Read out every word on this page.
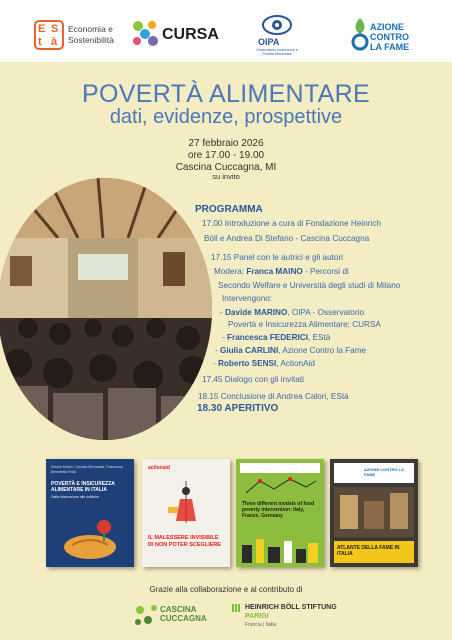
E S
t à
Economia e
Sostenibilità	CURSA	OIPA
Osservatorio Insicurezza e Povertà Alimentare
AZIONE
CONTRO
LA FAME
POVERTÀ ALIMENTARE
dati, evidenze, prospettive
27 febbraio 2026
ore 17.00 - 19.00
Cascina Cuccagna, MI
su invito
PROGRAMMA
17.00 Introduzione a cura di Fondazione Heinrich
Böll e Andrea Di Stefano - Cascina Cuccagna
17.15 Panel con le autrici e gli autori
Modera: Franca MAINO - Percorsi di
Secondo Welfare e Università degli studi di Milano
Intervengono:
- Davide MARINO, OIPA - Osservatorio
Povertà e Insicurezza Alimentare; CURSA
- Francesca FEDERICI, EStà
- Giulia CARLINI, Azione Contro la Fame
- Roberto SENSI, ActionAid
17.45 Dialogo con gli invitati
18.15 Conclusione di Andrea Calori, EStà
18.30 APERITIVO
Davide Marino, Daniela Bernardini, Francesca Benedetta Felici
POVERTÀ E INSICUREZZA ALIMENTARE IN ITALIA
Dalla misurazione alle politiche
actionaid
IL MALESSERE INVISIBILE DI NON POTER SCEGLIERE
Three different models of food poverty intervention: Italy, France, Germany
AZIONE CONTRO LA FAME
ATLANTE DELLA FAME IN ITALIA
Grazie alla collaborazione e al contributo di
CASCINA
CUCCAGNA
HEINRICH BÖLL STIFTUNG
PARIGI
Francia | Italia
